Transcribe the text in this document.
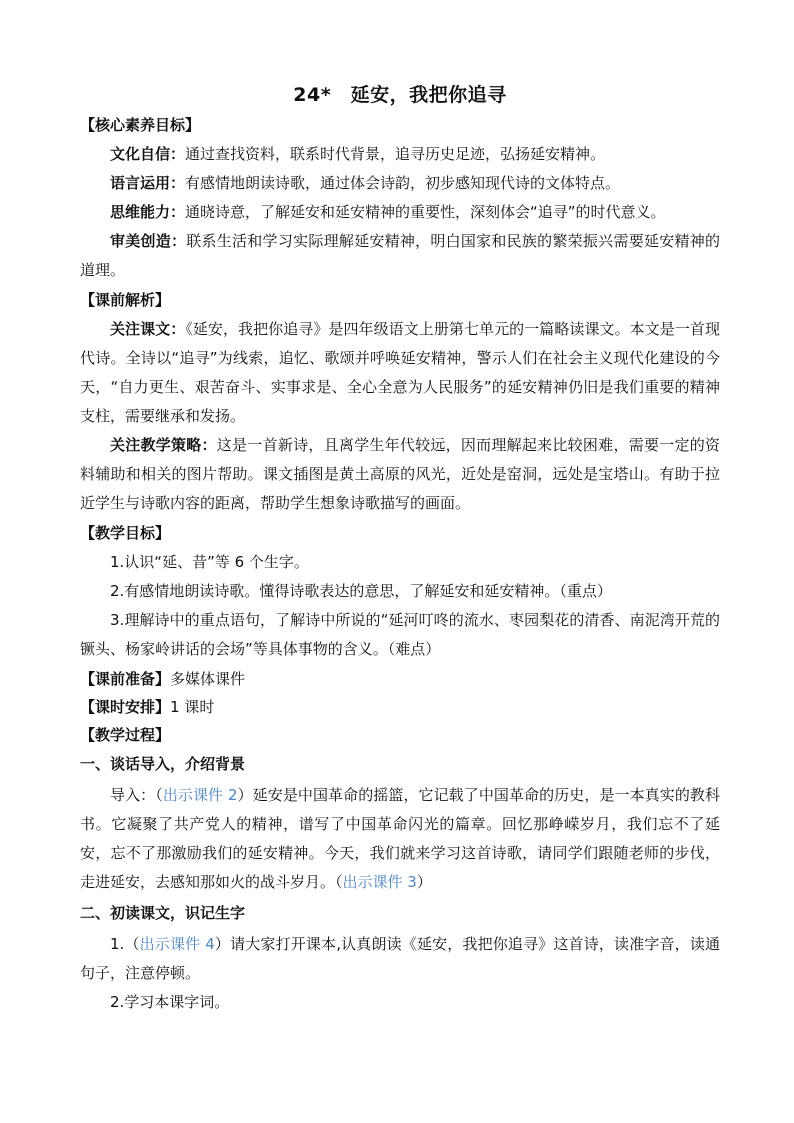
24*　延安，我把你追寻
【核心素养目标】

文化自信：通过查找资料，联系时代背景，追寻历史足迹，弘扬延安精神。

语言运用：有感情地朗读诗歌，通过体会诗韵，初步感知现代诗的文体特点。

思维能力：通晓诗意，了解延安和延安精神的重要性，深刻体会“追寻”的时代意义。

审美创造：联系生活和学习实际理解延安精神，明白国家和民族的繁荣振兴需要延安精神的道理。

【课前解析】

关注课文：《延安，我把你追寻》是四年级语文上册第七单元的一篇略读课文。本文是一首现代诗。全诗以“追寻”为线索，追忆、歌颂并呼唤延安精神，警示人们在社会主义现代化建设的今天，“自力更生、艰苦奋斗、实事求是、全心全意为人民服务”的延安精神仍旧是我们重要的精神支柱，需要继承和发扬。

关注教学策略：这是一首新诗，且离学生年代较远，因而理解起来比较困难，需要一定的资料辅助和相关的图片帮助。课文插图是黄土高原的风光，近处是窑洞，远处是宝塔山。有助于拉近学生与诗歌内容的距离，帮助学生想象诗歌描写的画面。

【教学目标】

1.认识“延、昔”等 6 个生字。

2.有感情地朗读诗歌。懂得诗歌表达的意思，了解延安和延安精神。（重点）

3.理解诗中的重点语句，了解诗中所说的“延河叮咚的流水、枣园梨花的清香、南泥湾开荒的镢头、杨家岭讲话的会场”等具体事物的含义。（难点）

【课前准备】多媒体课件
【课时安排】1 课时
【教学过程】
一、谈话导入，介绍背景

导入：（出示课件 2）延安是中国革命的摇篮，它记载了中国革命的历史，是一本真实的教科书。它凝聚了共产党人的精神，谱写了中国革命闪光的篇章。回忆那峥嵘岁月，我们忘不了延安，忘不了那激励我们的延安精神。今天，我们就来学习这首诗歌，请同学们跟随老师的步伐，走进延安，去感知那如火的战斗岁月。（出示课件 3）

二、初读课文，识记生字

1.（出示课件 4）请大家打开课本,认真朗读《延安，我把你追寻》这首诗，读准字音，读通句子，注意停顿。

2.学习本课字词。
